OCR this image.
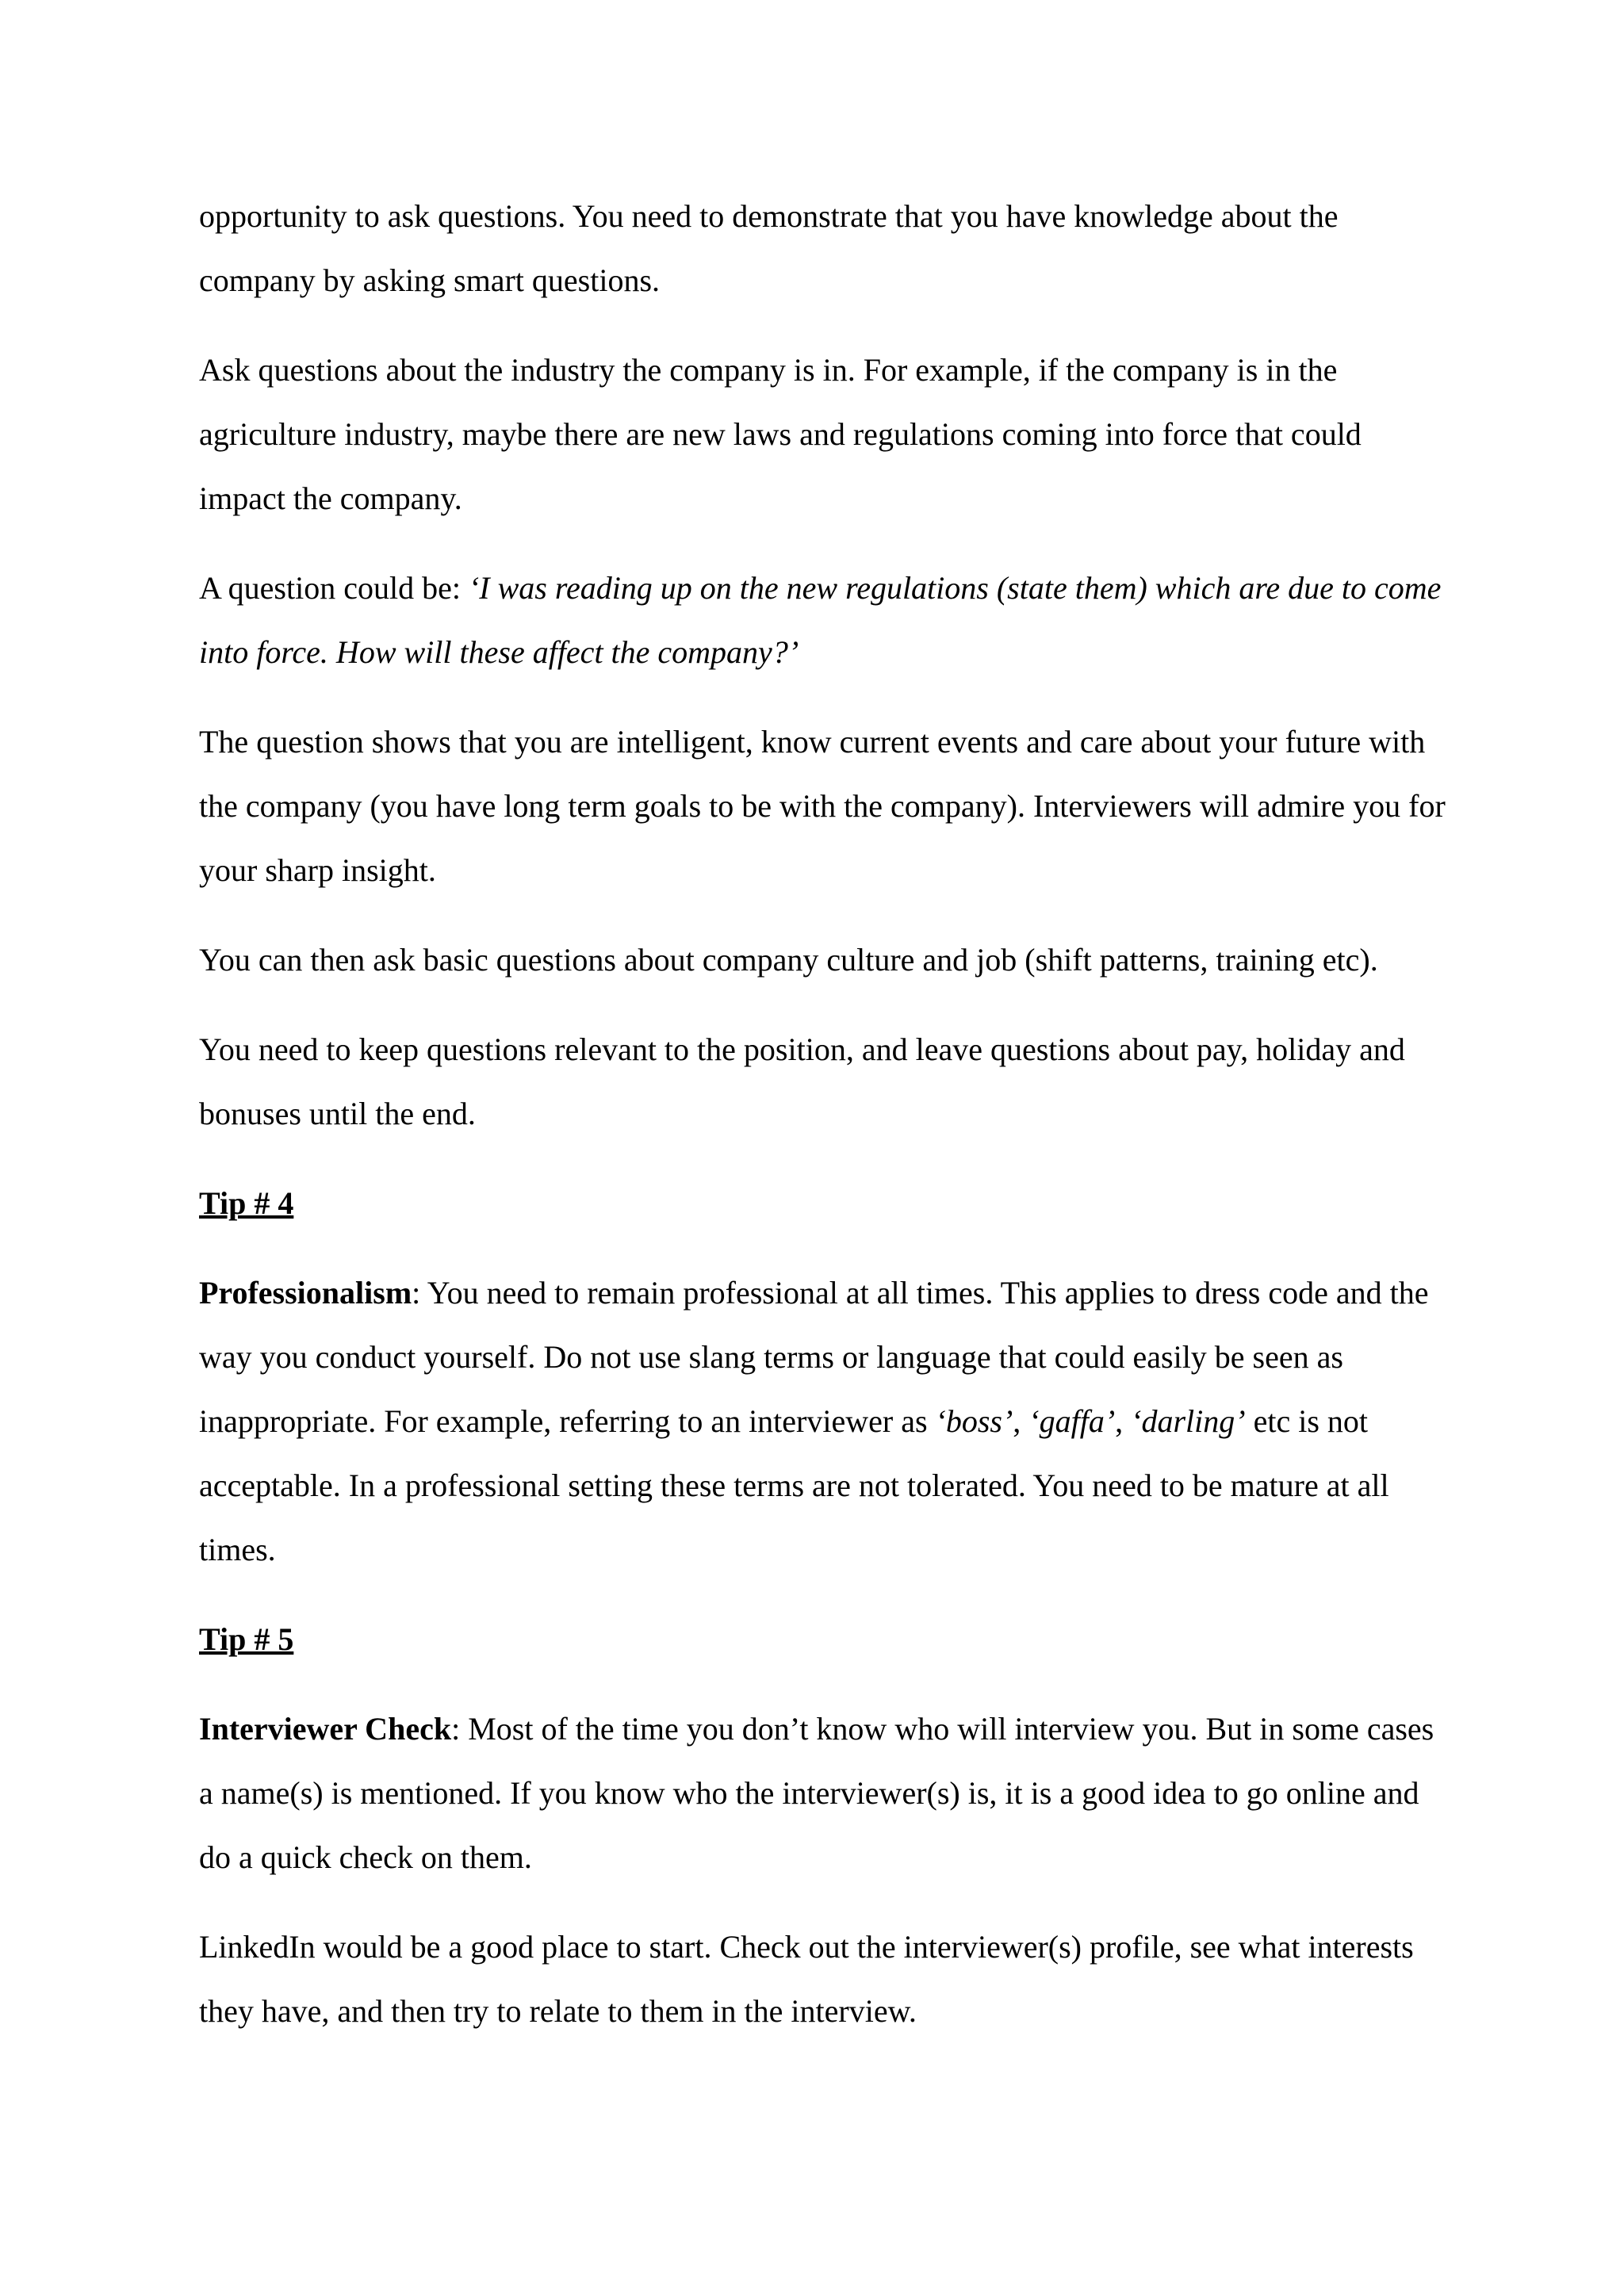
opportunity to ask questions. You need to demonstrate that you have knowledge about the company by asking smart questions.

Ask questions about the industry the company is in. For example, if the company is in the agriculture industry, maybe there are new laws and regulations coming into force that could impact the company.

A question could be: ‘I was reading up on the new regulations (state them) which are due to come into force. How will these affect the company?’

The question shows that you are intelligent, know current events and care about your future with the company (you have long term goals to be with the company). Interviewers will admire you for your sharp insight.

You can then ask basic questions about company culture and job (shift patterns, training etc).

You need to keep questions relevant to the position, and leave questions about pay, holiday and bonuses until the end.

Tip # 4

Professionalism: You need to remain professional at all times. This applies to dress code and the way you conduct yourself. Do not use slang terms or language that could easily be seen as inappropriate. For example, referring to an interviewer as ‘boss’, ‘gaffa’, ‘darling’ etc is not acceptable. In a professional setting these terms are not tolerated. You need to be mature at all times.

Tip # 5

Interviewer Check: Most of the time you don’t know who will interview you. But in some cases a name(s) is mentioned. If you know who the interviewer(s) is, it is a good idea to go online and do a quick check on them.

LinkedIn would be a good place to start. Check out the interviewer(s) profile, see what interests they have, and then try to relate to them in the interview.
